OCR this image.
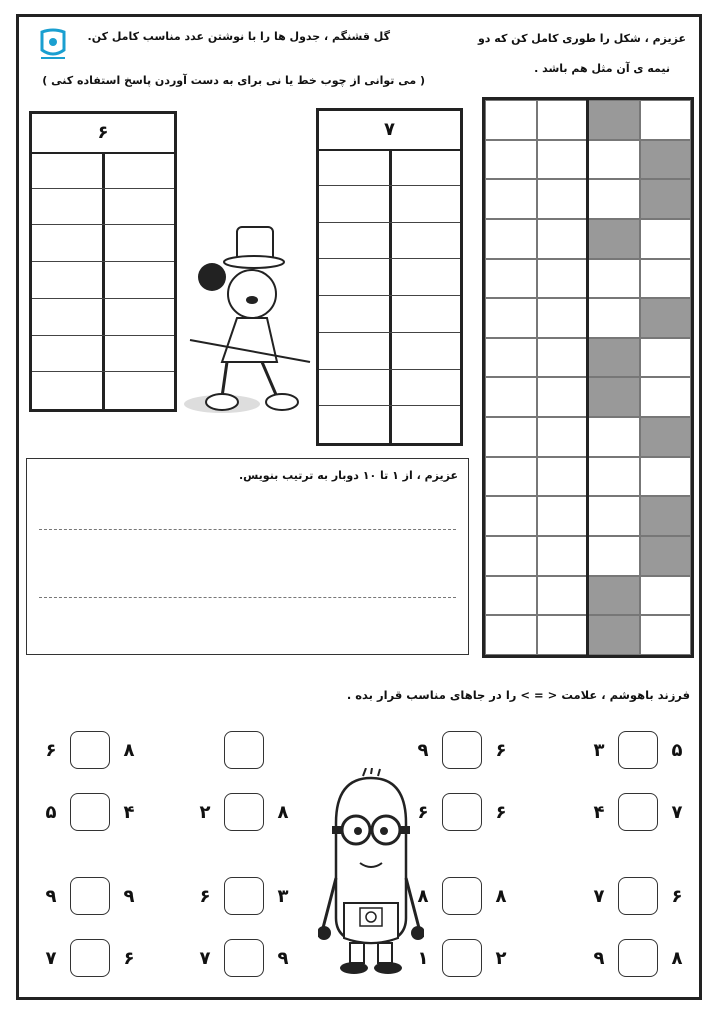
گل قشنگم ، جدول ها را با نوشتن عدد مناسب کامل کن.
( می توانی از چوب خط یا نی برای به دست آوردن پاسخ استفاده کنی )
عزیزم ، شکل را طوری کامل کن که دو
نیمه ی آن مثل هم باشد .
۶	۷
عزیزم ، از ۱ تا ۱۰ دوبار به ترتیب بنویس.
فرزند باهوشم ، علامت < = > را در جاهای مناسب قرار بده .
۶	۸	۹	۶	۳	۵
۵	۴	۲	۸	۶	۶	۴	۷
۹	۹	۶	۳	۸	۸	۷	۶
۷	۶	۷	۹	۱	۲	۹	۸
